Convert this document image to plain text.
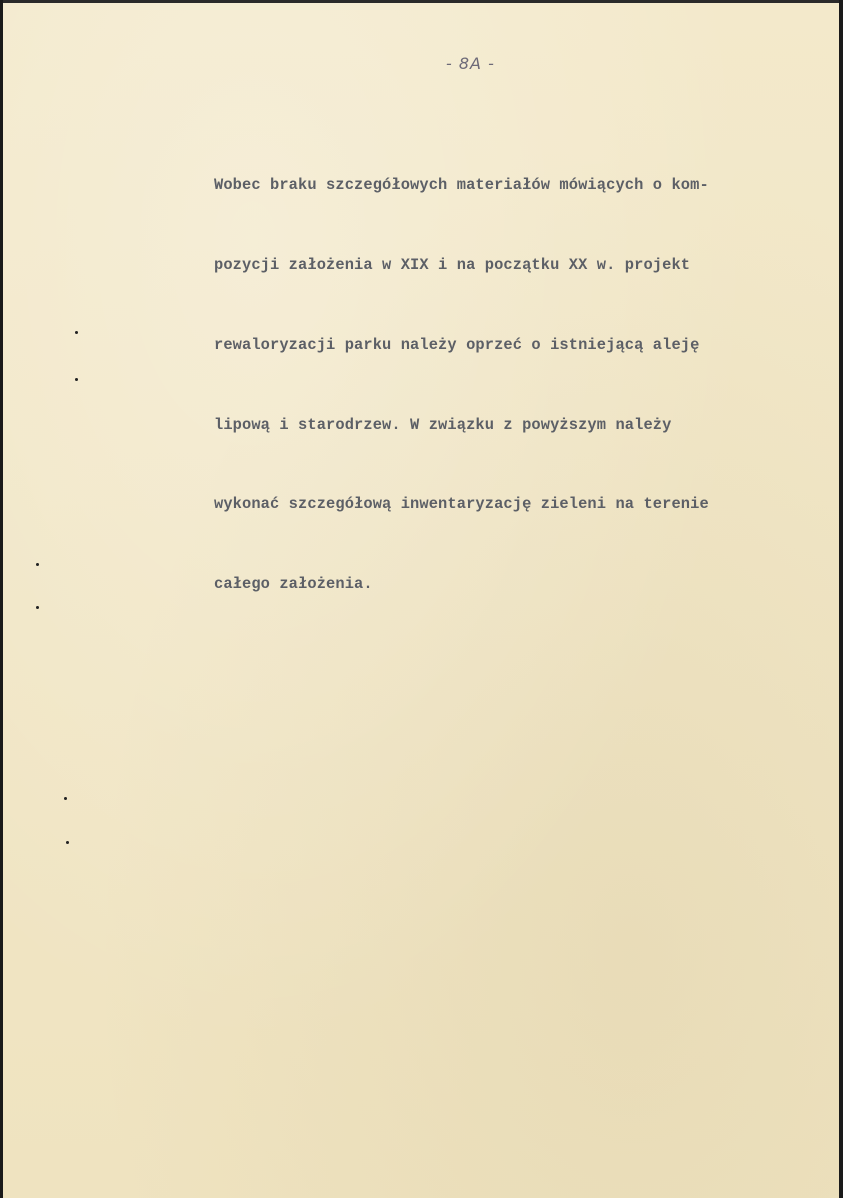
- 8A -

Wobec braku szczegółowych materiałów mówiących o kom-

pozycji założenia w XIX i na początku XX w. projekt

rewaloryzacji parku należy oprzeć o istniejącą aleję

lipową i starodrzew. W związku z powyższym należy

wykonać szczegółową inwentaryzację zieleni na terenie

całego założenia.
